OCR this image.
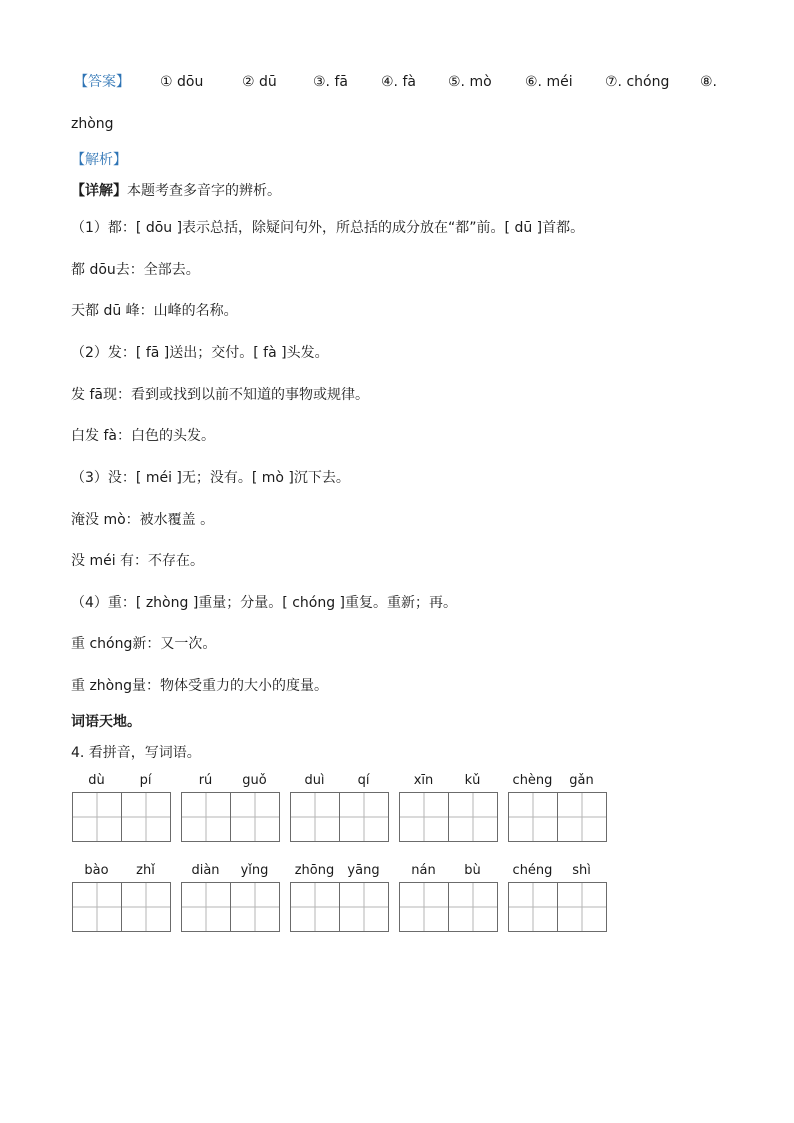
【答案】 ① dōu	② dū	③. fā ④. fà ⑤. mò ⑥. méi ⑦. chóng ⑧.
zhòng
【解析】
【详解】本题考查多音字的辨析。
（1）都：[ dōu ]表示总括，除疑问句外，所总括的成分放在“都”前。[ dū ]首都。
都 dōu去：全部去。
天都 dū 峰：山峰的名称。
（2）发：[ fā ]送出；交付。[ fà ]头发。
发 fā现：看到或找到以前不知道的事物或规律。
白发 fà：白色的头发。
（3）没：[ méi ]无；没有。[ mò ]沉下去。
淹没 mò：被水覆盖 。
没 méi 有：不存在。
（4）重：[ zhòng ]重量；分量。[ chóng ]重复。重新；再。
重 chóng新：又一次。
重 zhòng量：物体受重力的大小的度量。
词语天地。
4. 看拼音，写词语。
dù	pí	rú	guǒ	duì	qí	xīn	kǔ	chèng	gǎn
bào	zhǐ	diàn	yǐng	zhōng	yāng	nán	bù	chéng	shì
